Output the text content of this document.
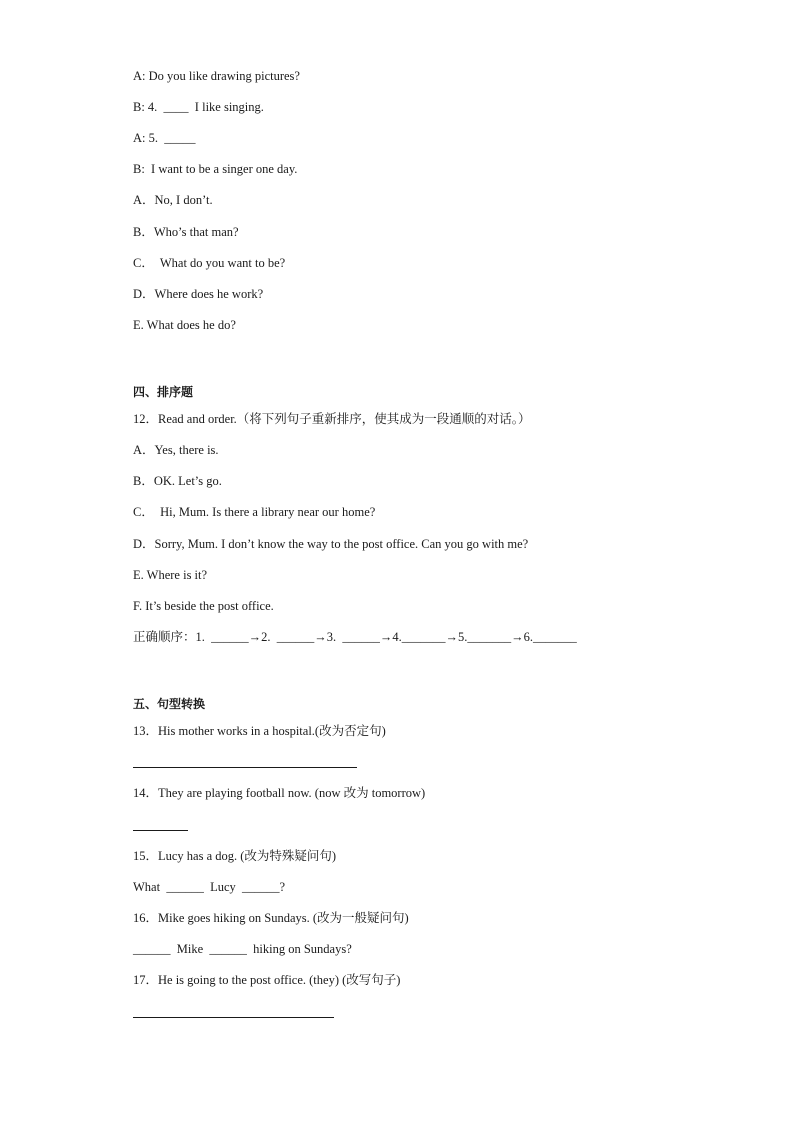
A: Do you like drawing pictures?
B: 4.  ____  I like singing.
A: 5.  _____
B:  I want to be a singer one day.
A．No, I don’t.
B．Who’s that man?
C．  What do you want to be?
D．Where does he work?
E. What does he do?
四、排序题
12．Read and order.（将下列句子重新排序，使其成为一段通顺的对话。）
A．Yes, there is.
B．OK. Let’s go.
C．  Hi, Mum. Is there a library near our home?
D．Sorry, Mum. I don’t know the way to the post office. Can you go with me?
E. Where is it?
F. It’s beside the post office.
正确顺序：1.  ______→2.  ______→3.  ______→4._______→5._______→6._______
五、句型转换
13．His mother works in a hospital.(改为否定句)
14．They are playing football now. (now 改为 tomorrow)
15．Lucy has a dog. (改为特殊疑问句)
What  ______  Lucy  ______?
16．Mike goes hiking on Sundays. (改为一般疑问句)
______  Mike  ______  hiking on Sundays?
17．He is going to the post office. (they) (改写句子)
